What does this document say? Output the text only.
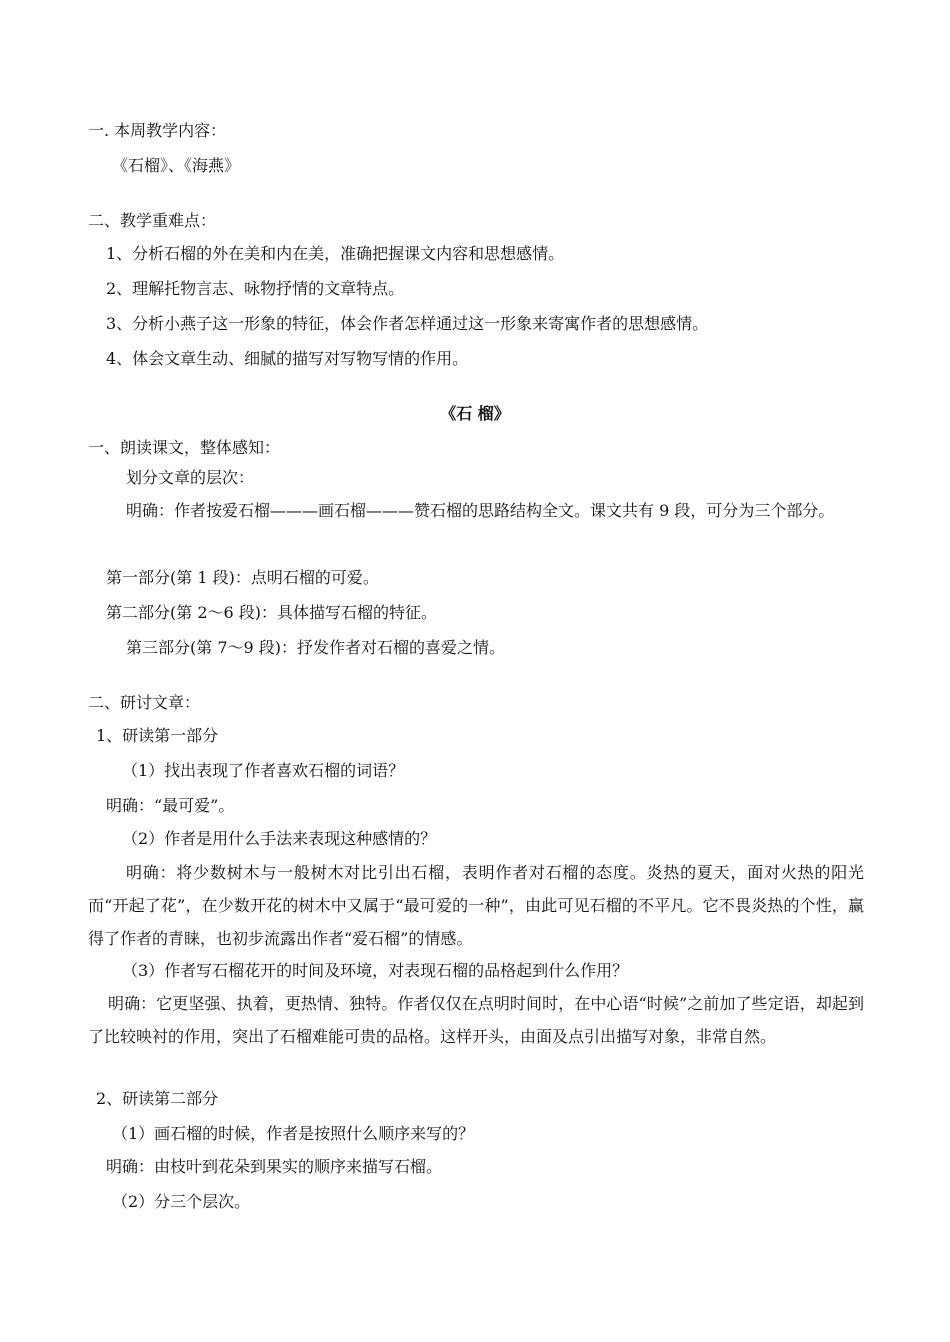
一. 本周教学内容：
《石榴》、《海燕》
二、教学重难点：
1、分析石榴的外在美和内在美，准确把握课文内容和思想感情。
2、理解托物言志、咏物抒情的文章特点。
3、分析小燕子这一形象的特征，体会作者怎样通过这一形象来寄寓作者的思想感情。
4、体会文章生动、细腻的描写对写物写情的作用。
《石 榴》
一、朗读课文，整体感知：
划分文章的层次：
明确：作者按爱石榴———画石榴———赞石榴的思路结构全文。课文共有 9 段，可分为三个部分。
第一部分(第 1 段)：点明石榴的可爱。
第二部分(第 2～6 段)：具体描写石榴的特征。
第三部分(第 7～9 段)：抒发作者对石榴的喜爱之情。
二、研讨文章：
1、研读第一部分
（1）找出表现了作者喜欢石榴的词语？
明确：“最可爱”。
（2）作者是用什么手法来表现这种感情的？
明确：将少数树木与一般树木对比引出石榴，表明作者对石榴的态度。炎热的夏天，面对火热的阳光而“开起了花”，在少数开花的树木中又属于“最可爱的一种”，由此可见石榴的不平凡。它不畏炎热的个性，赢得了作者的青睐，也初步流露出作者“爱石榴”的情感。
（3）作者写石榴花开的时间及环境，对表现石榴的品格起到什么作用？
明确：它更坚强、执着，更热情、独特。作者仅仅在点明时间时，在中心语“时候”之前加了些定语，却起到了比较映衬的作用，突出了石榴难能可贵的品格。这样开头，由面及点引出描写对象，非常自然。
2、研读第二部分
（1）画石榴的时候，作者是按照什么顺序来写的？
明确：由枝叶到花朵到果实的顺序来描写石榴。
（2）分三个层次。
